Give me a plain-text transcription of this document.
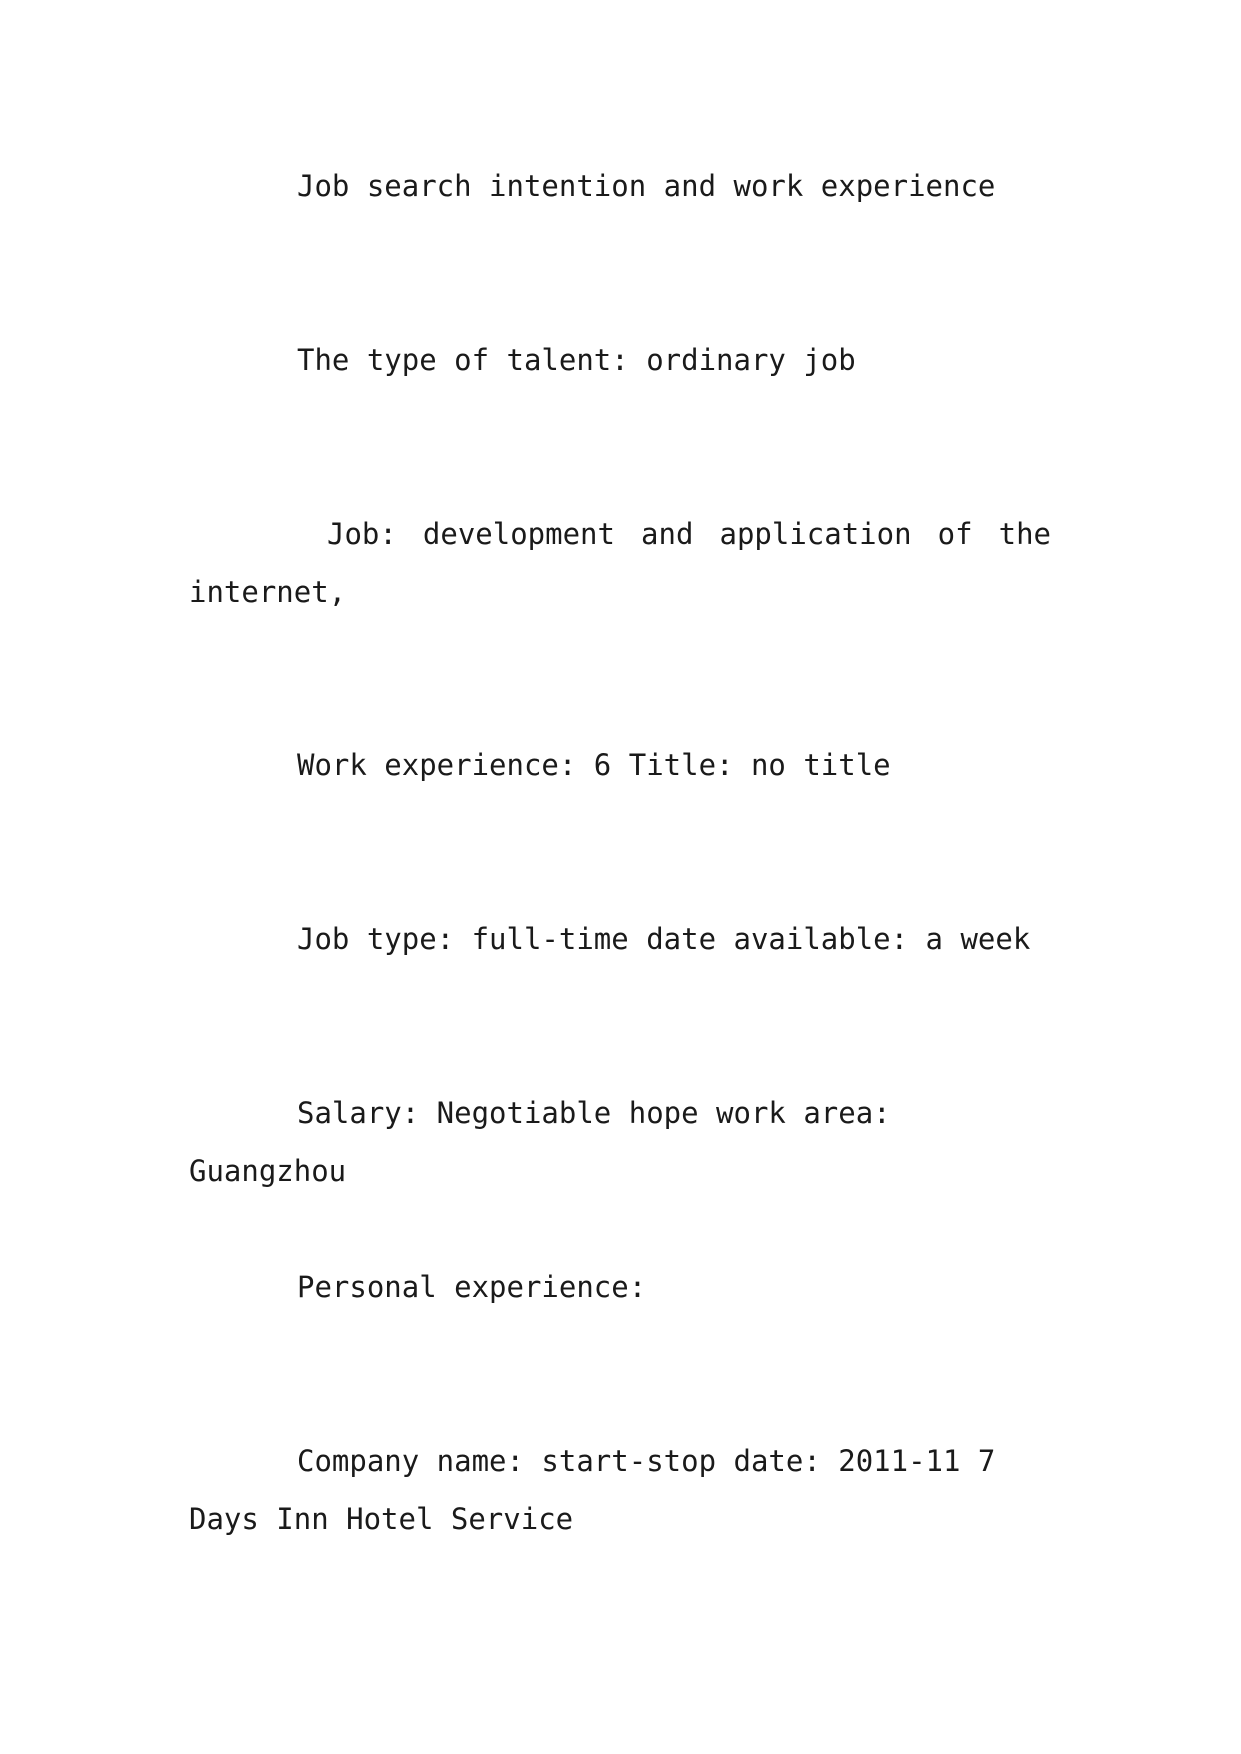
Job search intention and work experience

The type of talent: ordinary job

Job: development and application of the internet,

Work experience: 6 Title: no title

Job type: full-time date available: a week

Salary: Negotiable hope work area: Guangzhou

Personal experience:

Company name: start-stop date: 2011-11 7 Days Inn Hotel Service
